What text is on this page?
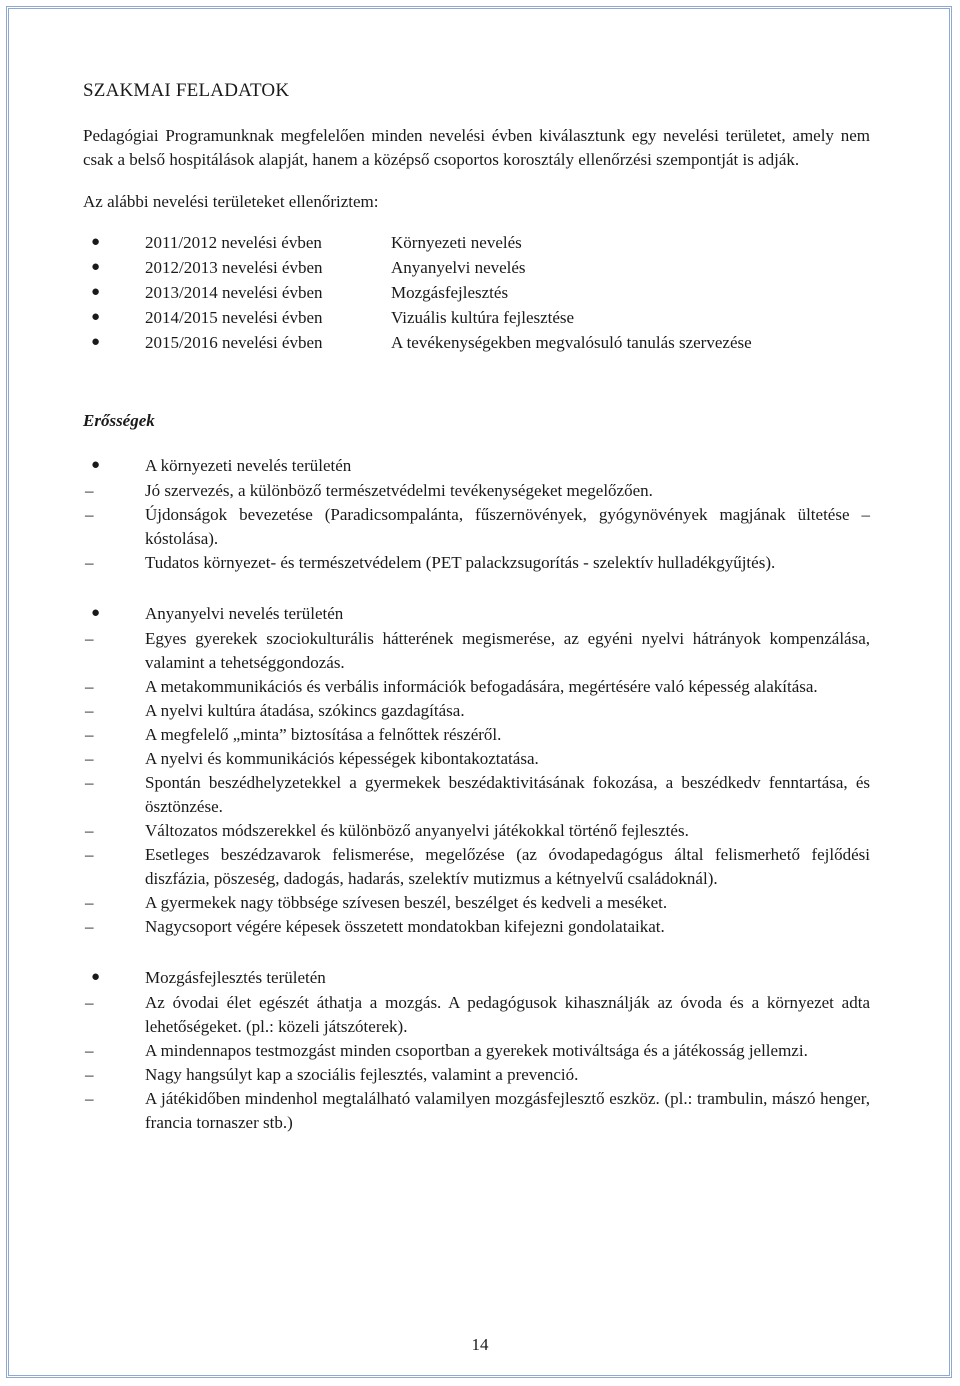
SZAKMAI FELADATOK

Pedagógiai Programunknak megfelelően minden nevelési évben kiválasztunk egy nevelési területet, amely nem csak a belső hospitálások alapját, hanem a középső csoportos korosztály ellenőrzési szempontját is adják.

Az alábbi nevelési területeket ellenőriztem:

●	2011/2012 nevelési évben	Környezeti nevelés
●	2012/2013 nevelési évben	Anyanyelvi nevelés
●	2013/2014 nevelési évben	Mozgásfejlesztés
●	2014/2015 nevelési évben	Vizuális kultúra fejlesztése
●	2015/2016 nevelési évben	A tevékenységekben megvalósuló tanulás szervezése
Erősségek
●	A környezeti nevelés területén
–	Jó szervezés, a különböző természetvédelmi tevékenységeket megelőzően.
–	Újdonságok bevezetése (Paradicsompalánta, fűszernövények, gyógynövények magjának ültetése – kóstolása).
–	Tudatos környezet- és természetvédelem (PET palackzsugorítás - szelektív hulladékgyűjtés).
●	Anyanyelvi nevelés területén
–	Egyes gyerekek szociokulturális hátterének megismerése, az egyéni nyelvi hátrányok kompenzálása, valamint a tehetséggondozás.
–	A metakommunikációs és verbális információk befogadására, megértésére való képesség alakítása.
–	A nyelvi kultúra átadása, szókincs gazdagítása.
–	A megfelelő „minta” biztosítása a felnőttek részéről.
–	A nyelvi és kommunikációs képességek kibontakoztatása.
–	Spontán beszédhelyzetekkel a gyermekek beszédaktivitásának fokozása, a beszédkedv fenntartása, és ösztönzése.
–	Változatos módszerekkel és különböző anyanyelvi játékokkal történő fejlesztés.
–	Esetleges beszédzavarok felismerése, megelőzése (az óvodapedagógus által felismerhető fejlődési diszfázia, pöszeség, dadogás, hadarás, szelektív mutizmus a kétnyelvű családoknál).
–	A gyermekek nagy többsége szívesen beszél, beszélget és kedveli a meséket.
–	Nagycsoport végére képesek összetett mondatokban kifejezni gondolataikat.
●	Mozgásfejlesztés területén
–	Az óvodai élet egészét áthatja a mozgás. A pedagógusok kihasználják az óvoda és a környezet adta lehetőségeket. (pl.: közeli játszóterek).
–	A mindennapos testmozgást minden csoportban a gyerekek motiváltsága és a játékosság jellemzi.
–	Nagy hangsúlyt kap a szociális fejlesztés, valamint a prevenció.
–	A játékidőben mindenhol megtalálható valamilyen mozgásfejlesztő eszköz. (pl.: trambulin, mászó henger, francia tornaszer stb.)
14
